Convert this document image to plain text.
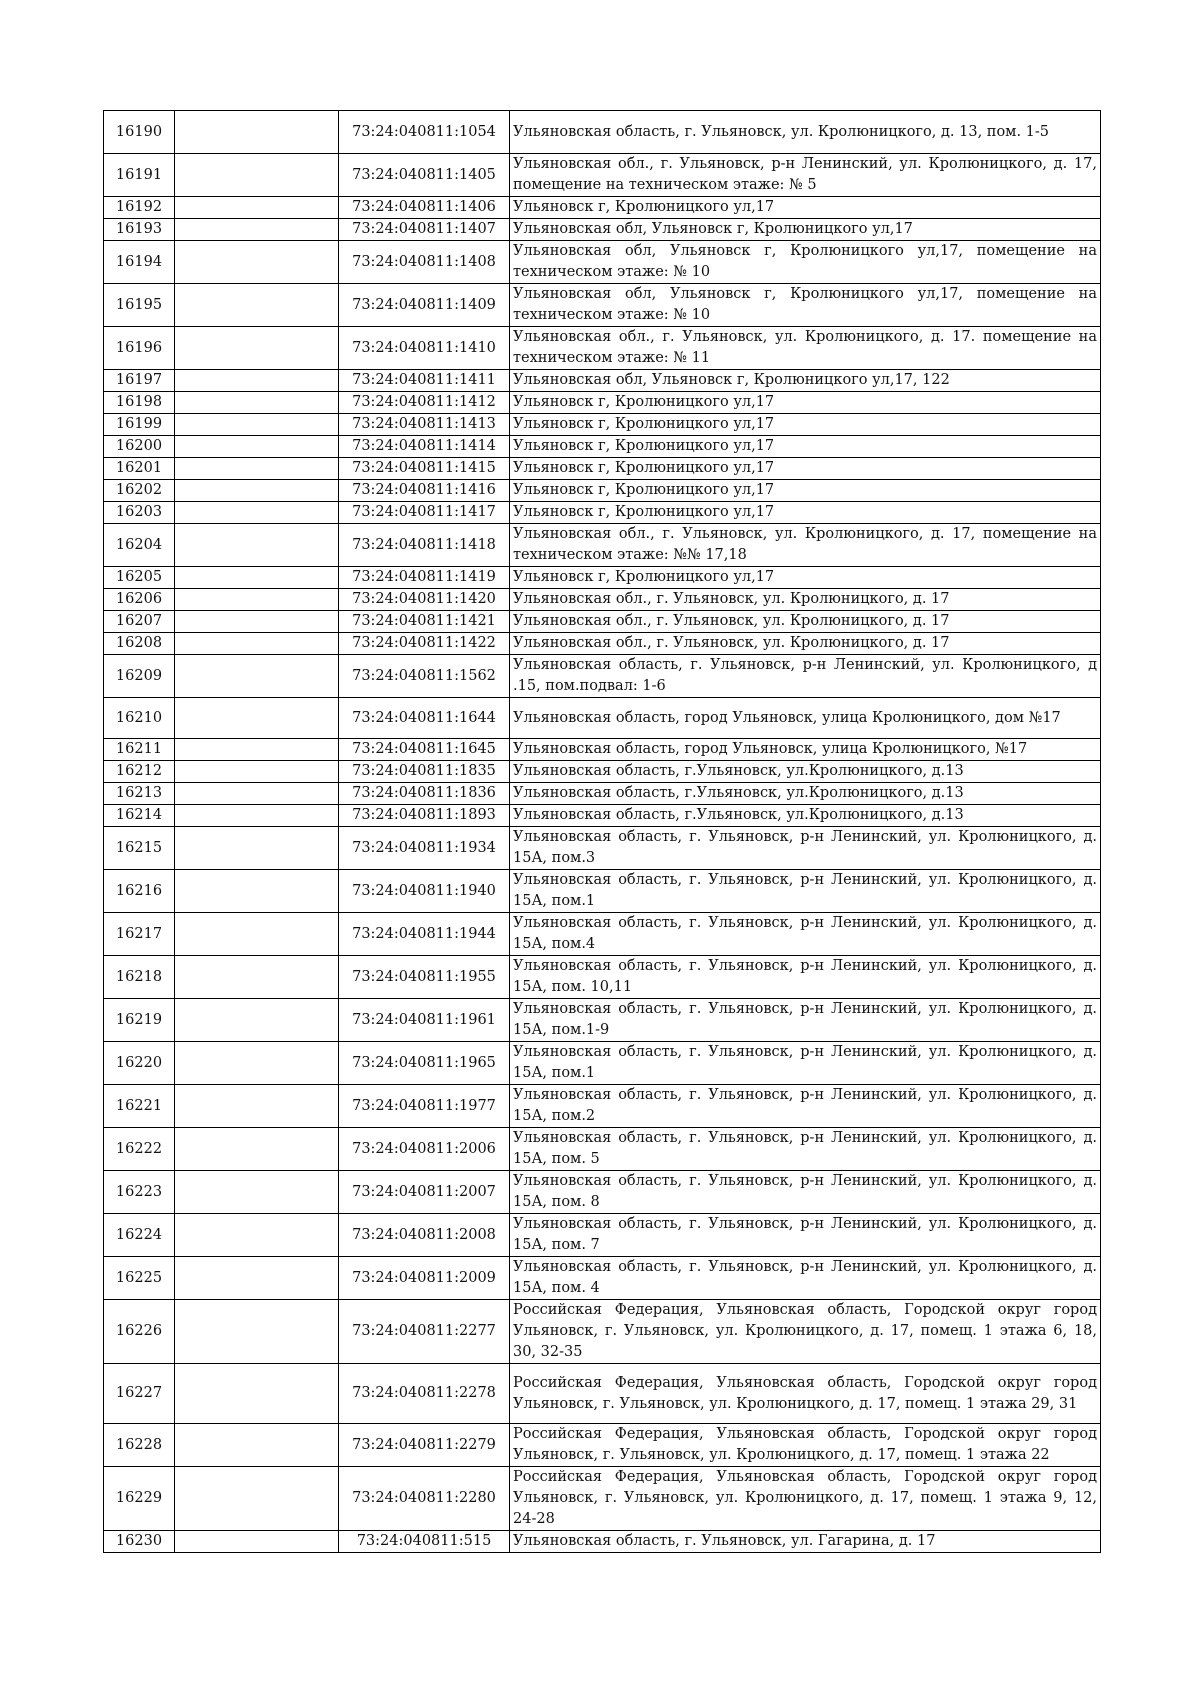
16190		73:24:040811:1054	Ульяновская область, г. Ульяновск, ул. Кролюницкого, д. 13, пом. 1-5
16191		73:24:040811:1405	Ульяновская обл., г. Ульяновск, р-н Ленинский, ул. Кролюницкого, д. 17, помещение на техническом этаже: № 5
16192		73:24:040811:1406	Ульяновск г, Кролюницкого ул,17
16193		73:24:040811:1407	Ульяновская обл, Ульяновск г, Кролюницкого ул,17
16194		73:24:040811:1408	Ульяновская обл, Ульяновск г, Кролюницкого ул,17, помещение на техническом этаже: № 10
16195		73:24:040811:1409	Ульяновская обл, Ульяновск г, Кролюницкого ул,17, помещение на техническом этаже: № 10
16196		73:24:040811:1410	Ульяновская обл., г. Ульяновск, ул. Кролюницкого, д. 17. помещение на техническом этаже: № 11
16197		73:24:040811:1411	Ульяновская обл, Ульяновск г, Кролюницкого ул,17, 122
16198		73:24:040811:1412	Ульяновск г, Кролюницкого ул,17
16199		73:24:040811:1413	Ульяновск г, Кролюницкого ул,17
16200		73:24:040811:1414	Ульяновск г, Кролюницкого ул,17
16201		73:24:040811:1415	Ульяновск г, Кролюницкого ул,17
16202		73:24:040811:1416	Ульяновск г, Кролюницкого ул,17
16203		73:24:040811:1417	Ульяновск г, Кролюницкого ул,17
16204		73:24:040811:1418	Ульяновская обл., г. Ульяновск, ул. Кролюницкого, д. 17, помещение на техническом этаже: №№ 17,18
16205		73:24:040811:1419	Ульяновск г, Кролюницкого ул,17
16206		73:24:040811:1420	Ульяновская обл., г. Ульяновск, ул. Кролюницкого, д. 17
16207		73:24:040811:1421	Ульяновская обл., г. Ульяновск, ул. Кролюницкого, д. 17
16208		73:24:040811:1422	Ульяновская обл., г. Ульяновск, ул. Кролюницкого, д. 17
16209		73:24:040811:1562	Ульяновская область, г. Ульяновск, р-н Ленинский, ул. Кролюницкого, д .15, пом.подвал: 1-6
16210		73:24:040811:1644	Ульяновская область, город Ульяновск, улица Кролюницкого, дом №17
16211		73:24:040811:1645	Ульяновская область, город Ульяновск, улица Кролюницкого, №17
16212		73:24:040811:1835	Ульяновская область, г.Ульяновск, ул.Кролюницкого, д.13
16213		73:24:040811:1836	Ульяновская область, г.Ульяновск, ул.Кролюницкого, д.13
16214		73:24:040811:1893	Ульяновская область, г.Ульяновск, ул.Кролюницкого, д.13
16215		73:24:040811:1934	Ульяновская область, г. Ульяновск, р-н Ленинский, ул. Кролюницкого, д. 15А, пом.3
16216		73:24:040811:1940	Ульяновская область, г. Ульяновск, р-н Ленинский, ул. Кролюницкого, д. 15А, пом.1
16217		73:24:040811:1944	Ульяновская область, г. Ульяновск, р-н Ленинский, ул. Кролюницкого, д. 15А, пом.4
16218		73:24:040811:1955	Ульяновская область, г. Ульяновск, р-н Ленинский, ул. Кролюницкого, д. 15А, пом. 10,11
16219		73:24:040811:1961	Ульяновская область, г. Ульяновск, р-н Ленинский, ул. Кролюницкого, д. 15А, пом.1-9
16220		73:24:040811:1965	Ульяновская область, г. Ульяновск, р-н Ленинский, ул. Кролюницкого, д. 15А, пом.1
16221		73:24:040811:1977	Ульяновская область, г. Ульяновск, р-н Ленинский, ул. Кролюницкого, д. 15А, пом.2
16222		73:24:040811:2006	Ульяновская область, г. Ульяновск, р-н Ленинский, ул. Кролюницкого, д. 15А, пом. 5
16223		73:24:040811:2007	Ульяновская область, г. Ульяновск, р-н Ленинский, ул. Кролюницкого, д. 15А, пом. 8
16224		73:24:040811:2008	Ульяновская область, г. Ульяновск, р-н Ленинский, ул. Кролюницкого, д. 15А, пом. 7
16225		73:24:040811:2009	Ульяновская область, г. Ульяновск, р-н Ленинский, ул. Кролюницкого, д. 15А, пом. 4
16226		73:24:040811:2277	Российская Федерация, Ульяновская область, Городской округ город Ульяновск, г. Ульяновск, ул. Кролюницкого, д. 17, помещ. 1 этажа 6, 18, 30, 32-35
16227		73:24:040811:2278	Российская Федерация, Ульяновская область, Городской округ город Ульяновск, г. Ульяновск, ул. Кролюницкого, д. 17, помещ. 1 этажа 29, 31
16228		73:24:040811:2279	Российская Федерация, Ульяновская область, Городской округ город Ульяновск, г. Ульяновск, ул. Кролюницкого, д. 17, помещ. 1 этажа 22
16229		73:24:040811:2280	Российская Федерация, Ульяновская область, Городской округ город Ульяновск, г. Ульяновск, ул. Кролюницкого, д. 17, помещ. 1 этажа 9, 12, 24-28
16230		73:24:040811:515	Ульяновская область, г. Ульяновск, ул. Гагарина, д. 17
